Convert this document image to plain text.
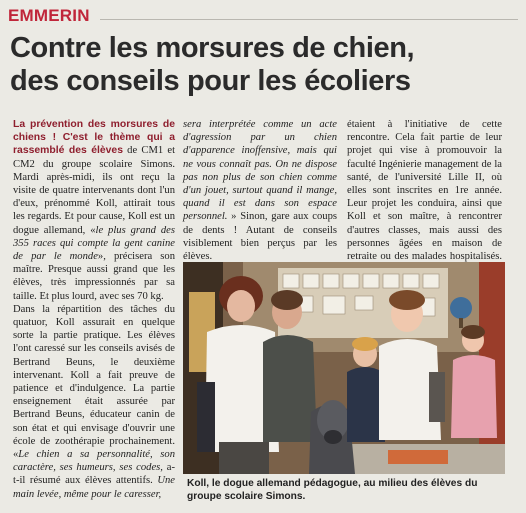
EMMERIN
Contre les morsures de chien,
des conseils pour les écoliers

La prévention des morsures de chiens ! C'est le thème qui a rassemblé des élèves de CM1 et CM2 du groupe scolaire Simons. Mardi après-midi, ils ont reçu la visite de quatre intervenants dont l'un d'eux, prénommé Koll, attirait tous les regards. Et pour cause, Koll est un dogue allemand, «le plus grand des 355 races qui compte la gent canine de par le monde», précisera son maître. Presque aussi grand que les élèves, très impressionnés par sa taille. Et plus lourd, avec ses 70 kg.

Dans la répartition des tâches du quatuor, Koll assurait en quelque sorte la partie pratique. Les élèves l'ont caressé sur les conseils avisés de Bertrand Beuns, le deuxième intervenant. Koll a fait preuve de patience et d'indulgence. La partie enseignement était assurée par Bertrand Beuns, éducateur canin de son état et qui envisage d'ouvrir une école de zoothérapie prochainement. «Le chien a sa personnalité, son caractère, ses humeurs, ses codes, a-t-il résumé aux élèves attentifs. Une main levée, même pour le caresser,

sera interprétée comme un acte d'agression par un chien d'apparence inoffensive, mais qui ne vous connaît pas. On ne dispose pas non plus de son chien comme d'un jouet, surtout quand il mange, quand il est dans son espace personnel. » Sinon, gare aux coups de dents ! Autant de conseils visiblement bien perçus par les élèves.

étaient à l'initiative de cette rencontre. Cela fait partie de leur projet qui vise à promouvoir la faculté Ingénierie management de la santé, de l'université Lille II, où elles sont inscrites en 1re année. Leur projet les conduira, ainsi que Koll et son maître, à rencontrer d'autres classes, mais aussi des personnes âgées en maison de retraite ou des malades hospitalisés.

Koll, le dogue allemand pédagogue, au milieu des élèves du groupe scolaire Simons.
